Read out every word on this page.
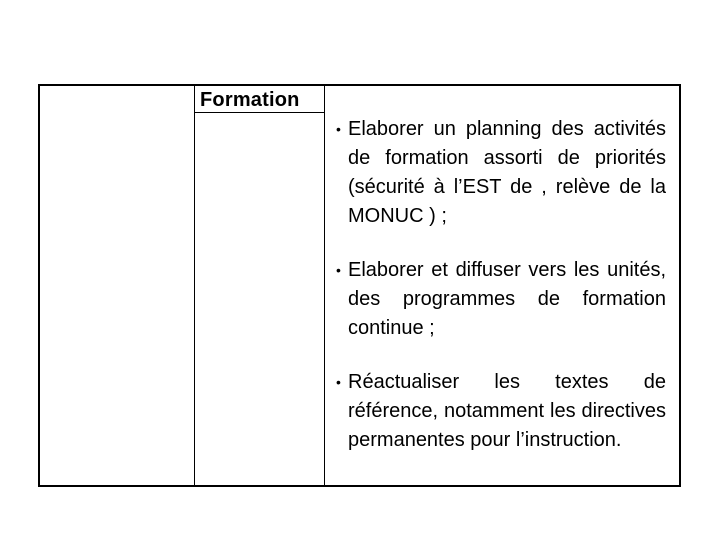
Formation
• Elaborer un planning des activités de formation assorti de priorités (sécurité à l’EST de , relève de la MONUC ) ;
• Elaborer et diffuser vers les unités, des programmes de formation continue ;
• Réactualiser les textes de référence, notamment les directives permanentes pour l’instruction.
